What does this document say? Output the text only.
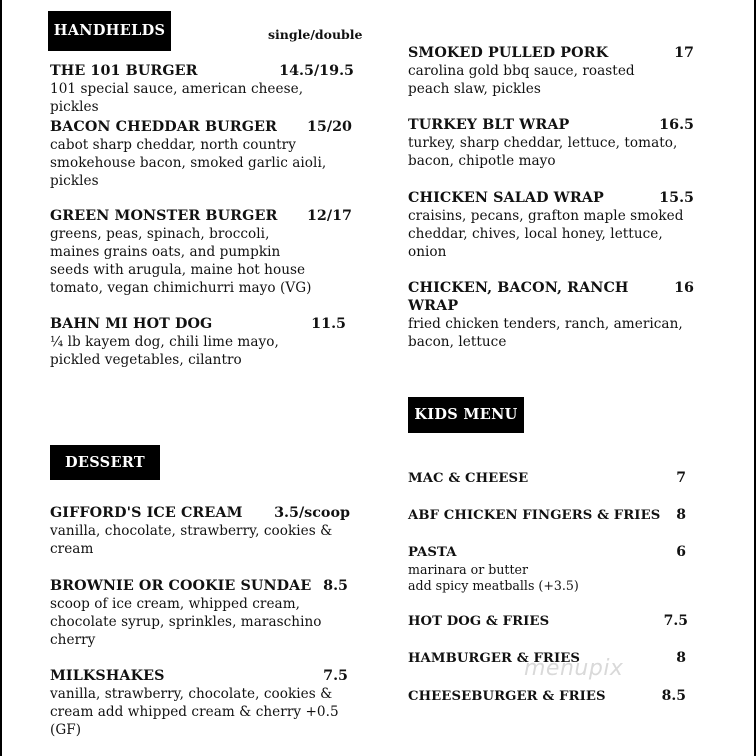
HANDHELDS	single/double
THE 101 BURGER	14.5/19.5
101 special sauce, american cheese, pickles
BACON CHEDDAR BURGER 15/20
cabot sharp cheddar, north country smokehouse bacon, smoked garlic aioli, pickles
GREEN MONSTER BURGER 12/17
greens, peas, spinach, broccoli, maines grains oats, and pumpkin seeds with arugula, maine hot house tomato, vegan chimichurri mayo (VG)
BAHN MI HOT DOG	11.5
¼ lb kayem dog, chili lime mayo, pickled vegetables, cilantro
SMOKED PULLED PORK	17
carolina gold bbq sauce, roasted peach slaw, pickles
TURKEY BLT WRAP	16.5
turkey, sharp cheddar, lettuce, tomato, bacon, chipotle mayo
CHICKEN SALAD WRAP	15.5
craisins, pecans, grafton maple smoked cheddar, chives, local honey, lettuce, onion
CHICKEN, BACON, RANCH WRAP
16
fried chicken tenders, ranch, american, bacon, lettuce
DESSERT
GIFFORD'S ICE CREAM 3.5/scoop
vanilla, chocolate, strawberry, cookies & cream
BROWNIE OR COOKIE SUNDAE 8.5
scoop of ice cream, whipped cream, chocolate syrup, sprinkles, maraschino cherry
MILKSHAKES	7.5
vanilla, strawberry, chocolate, cookies & cream add whipped cream & cherry +0.5 (GF)
KIDS MENU
MAC & CHEESE	7
ABF CHICKEN FINGERS & FRIES 8
PASTA	6
marinara or butter
add spicy meatballs (+3.5)
HOT DOG & FRIES	7.5
HAMBURGER & FRIES	8
CHEESEBURGER & FRIES	8.5
menupix
